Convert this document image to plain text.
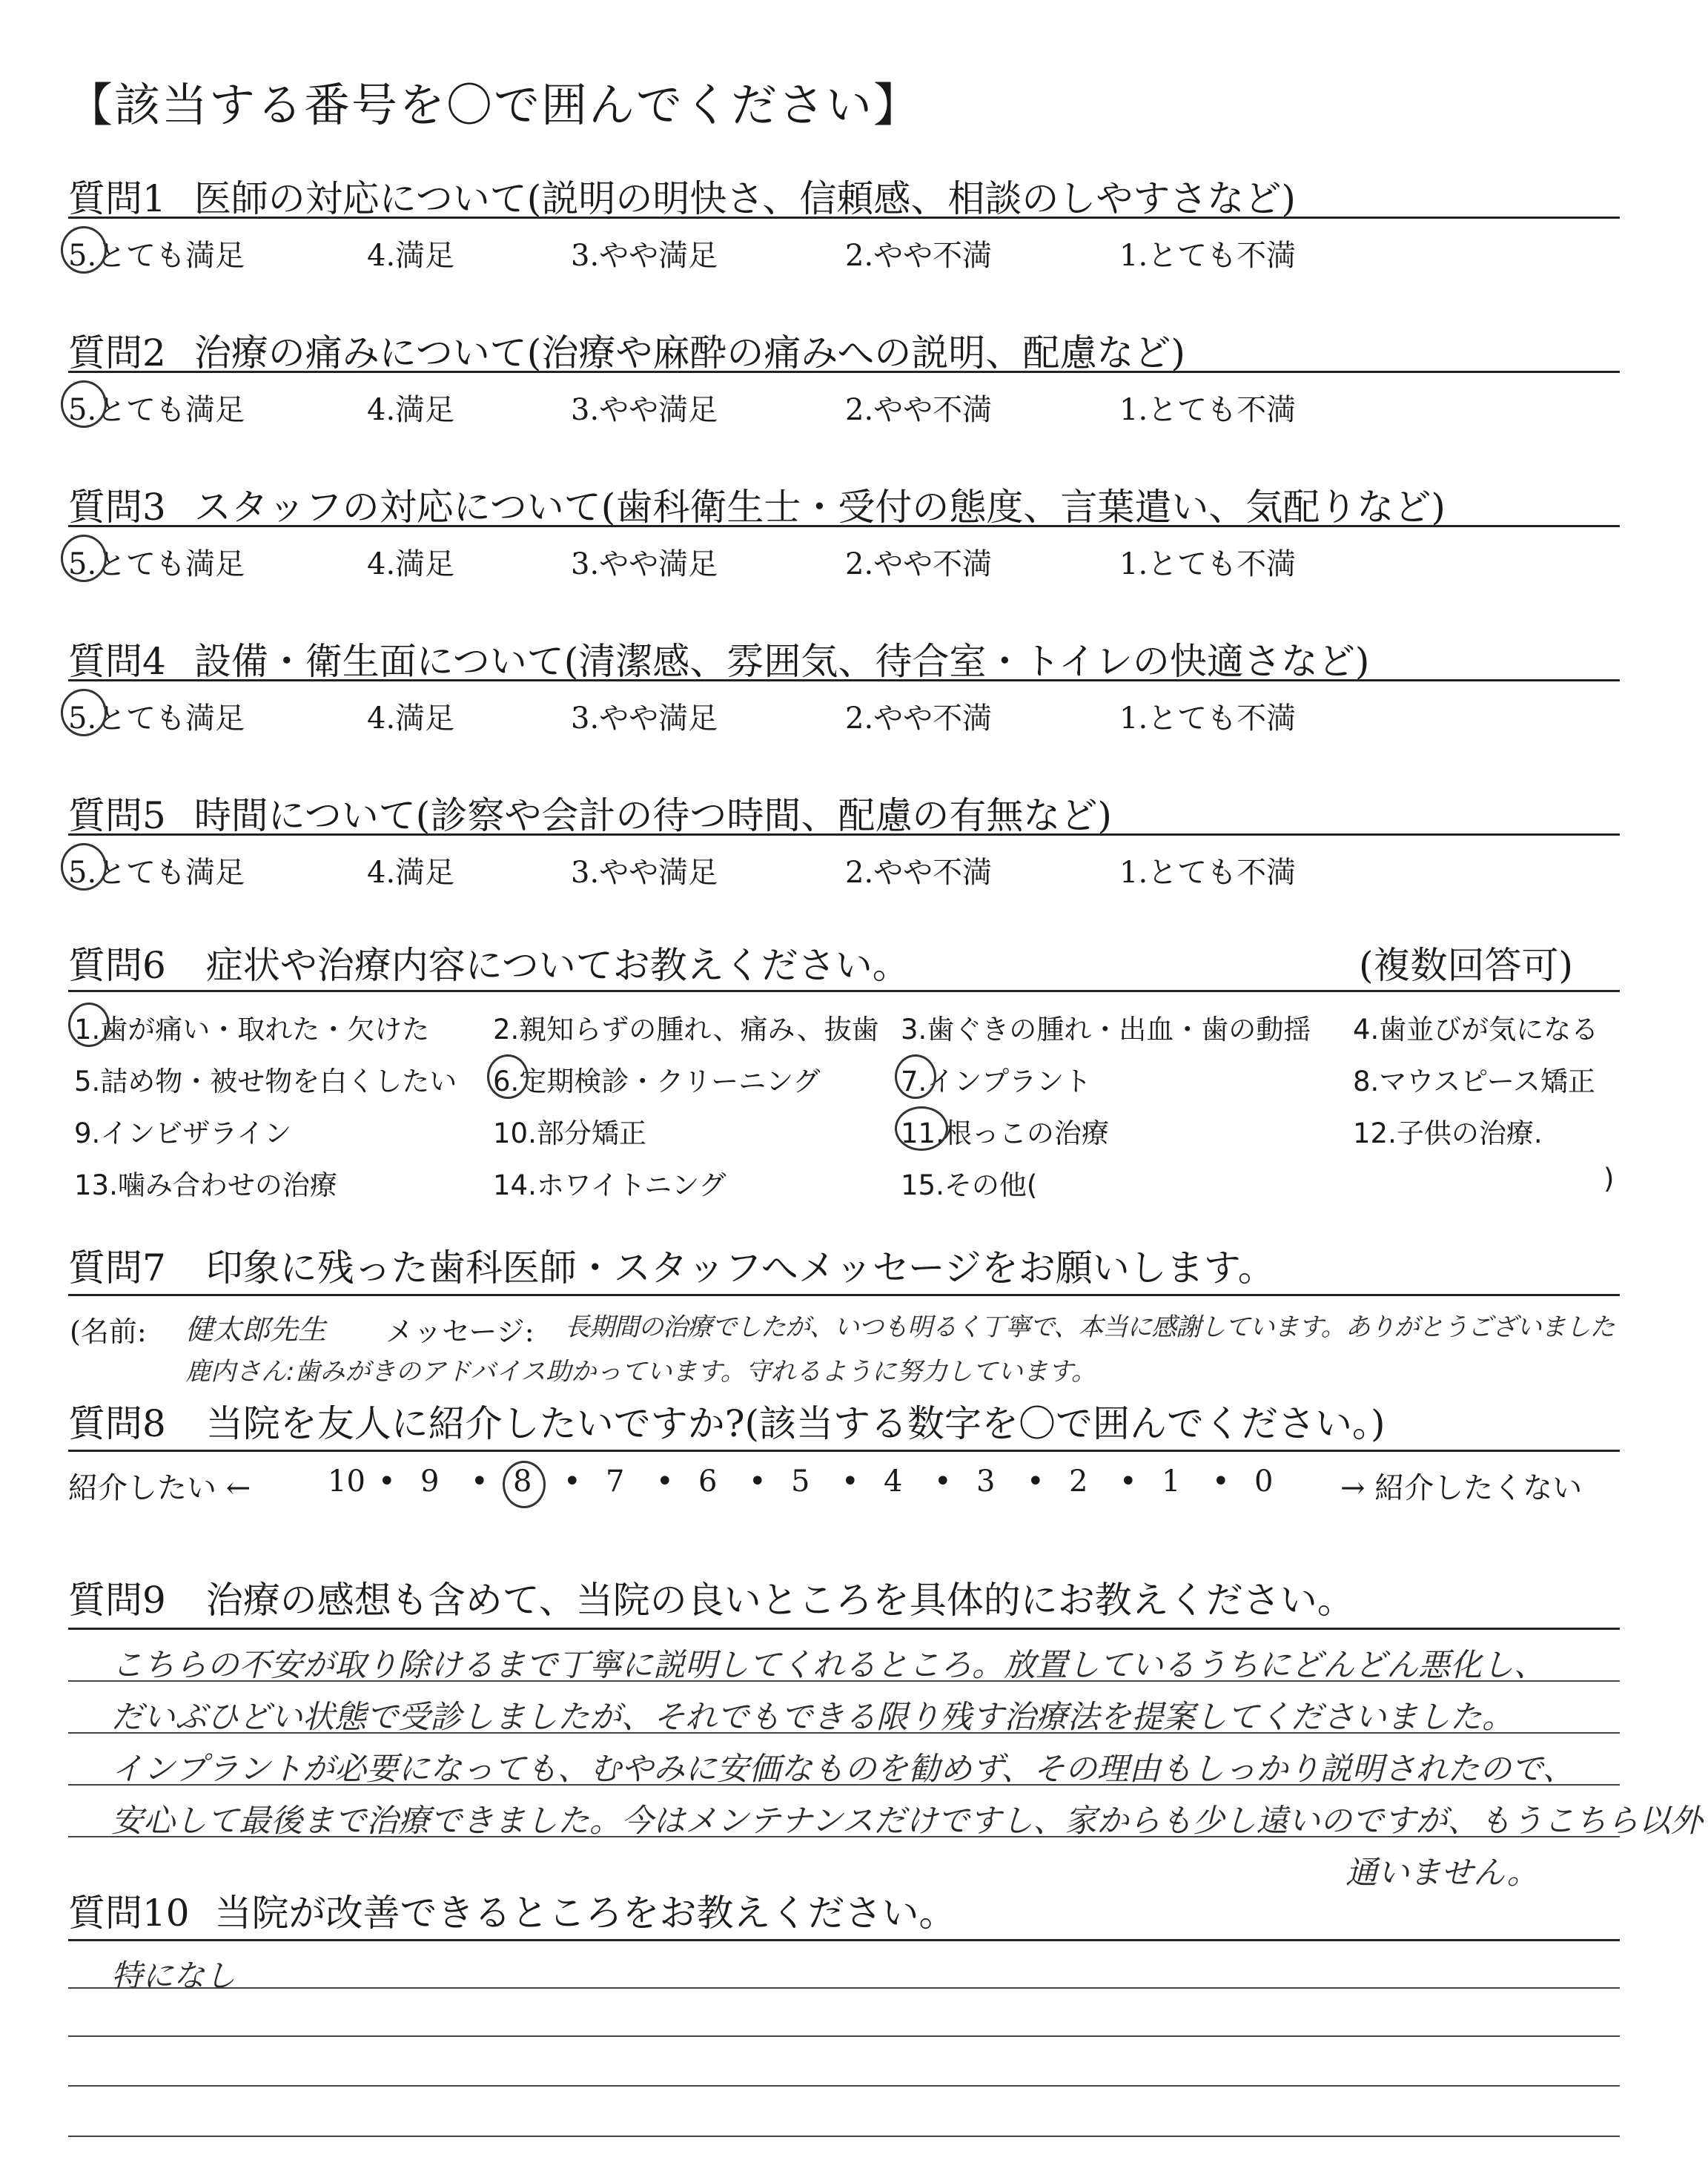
【該当する番号を〇で囲んでください】
質問1 医師の対応について(説明の明快さ、信頼感、相談のしやすさなど)
5.とても満足	4.満足	3.やや満足	2.やや不満	1.とても不満
質問2 治療の痛みについて(治療や麻酔の痛みへの説明、配慮など)
5.とても満足	4.満足	3.やや満足	2.やや不満	1.とても不満
質問3 スタッフの対応について(歯科衛生士・受付の態度、言葉遣い、気配りなど)
5.とても満足	4.満足	3.やや満足	2.やや不満	1.とても不満
質問4 設備・衛生面について(清潔感、雰囲気、待合室・トイレの快適さなど)
5.とても満足	4.満足	3.やや満足	2.やや不満	1.とても不満
質問5 時間について(診察や会計の待つ時間、配慮の有無など)
5.とても満足	4.満足	3.やや満足	2.やや不満	1.とても不満
質問6 症状や治療内容についてお教えください。	(複数回答可)
1.歯が痛い・取れた・欠けた 2.親知らずの腫れ、痛み、抜歯 3.歯ぐきの腫れ・出血・歯の動揺 4.歯並びが気になる
5.詰め物・被せ物を白くしたい 6.定期検診・クリーニング	7.インプラント	8.マウスピース矯正
9.インビザライン	10.部分矯正	11.根っこの治療	12.子供の治療.
13.噛み合わせの治療	14.ホワイトニング	15.その他(	)
質問7 印象に残った歯科医師・スタッフへメッセージをお願いします。
(名前: 健太郎先生 メッセージ: 長期間の治療でしたが、いつも明るく丁寧で、本当に感謝しています。ありがとうございました
鹿内さん:歯みがきのアドバイス助かっています。守れるように努力しています。
質問8 当院を友人に紹介したいですか?(該当する数字を〇で囲んでください。)
紹介したい ←	→ 紹介したくない
10 • 9 • 8 • 7 • 6 • 5 • 4 • 3 • 2 • 1 • 0
質問9 治療の感想も含めて、当院の良いところを具体的にお教えください。
こちらの不安が取り除けるまで丁寧に説明してくれるところ。放置しているうちにどんどん悪化し、
だいぶひどい状態で受診しましたが、それでもできる限り残す治療法を提案してくださいました。
インプラントが必要になっても、むやみに安価なものを勧めず、その理由もしっかり説明されたので、
安心して最後まで治療できました。今はメンテナンスだけですし、家からも少し遠いのですが、もうこちら以外
通いません。
質問10 当院が改善できるところをお教えください。
特になし
